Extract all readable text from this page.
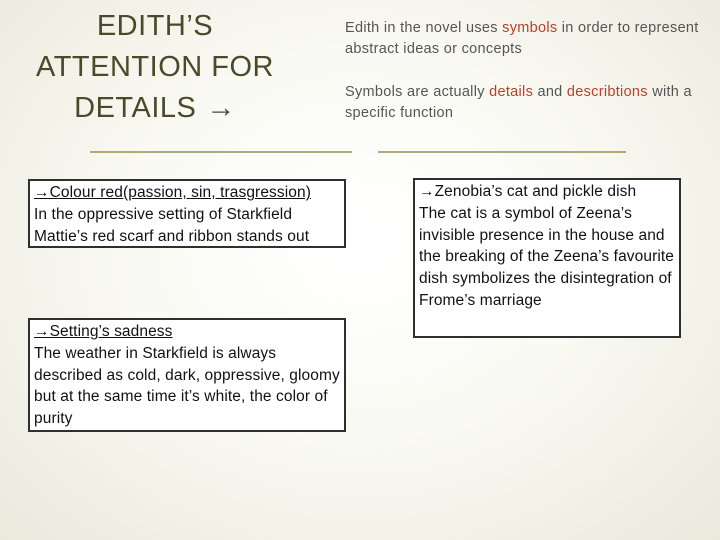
EDITH’S
ATTENTION FOR
DETAILS →
Edith in the novel uses symbols in order to represent abstract ideas or concepts
Symbols are actually details and describtions with a specific function
→Colour red(passion, sin, trasgression)
In the oppressive setting of Starkfield Mattie’s red scarf and ribbon stands out
→Setting’s sadness
The weather in Starkfield is always described as cold, dark, oppressive, gloomy but at the same time it’s white, the color of purity
→Zenobia’s cat and pickle dish
The cat is a symbol of Zeena’s invisible presence in the house and the breaking of the Zeena’s favourite dish symbolizes the disintegration of Frome’s marriage
